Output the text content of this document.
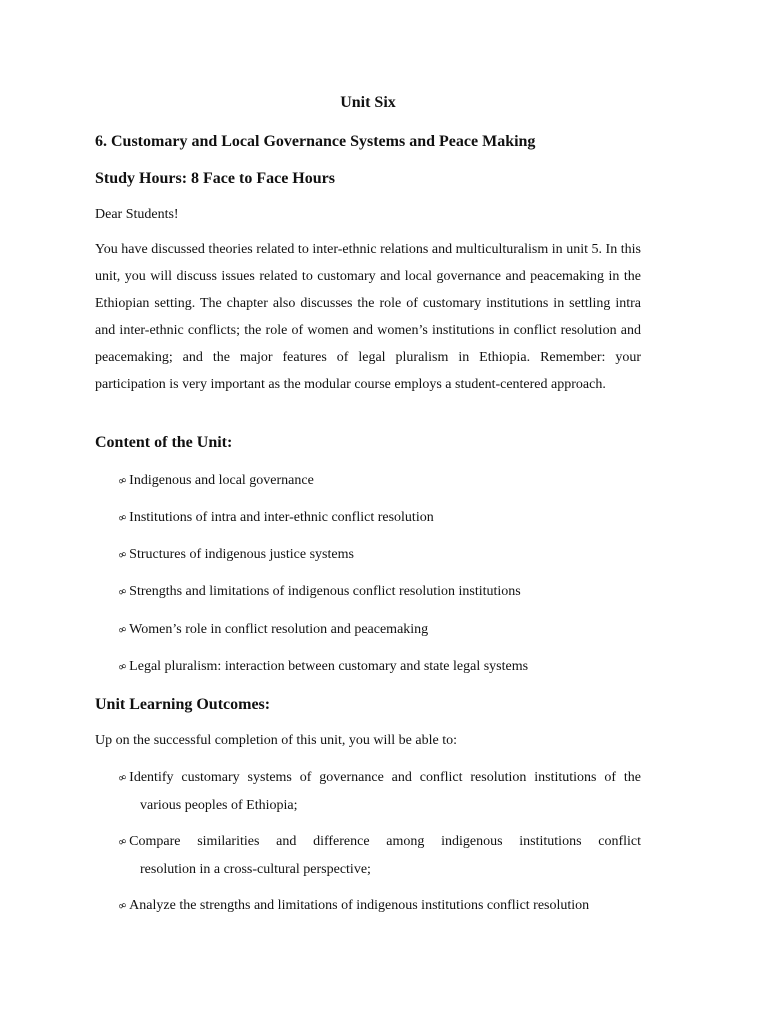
Unit Six
6. Customary and Local Governance Systems and Peace Making
Study Hours: 8 Face to Face Hours
Dear Students!
You have discussed theories related to inter-ethnic relations and multiculturalism in unit 5. In this unit, you will discuss issues related to customary and local governance and peacemaking in the Ethiopian setting. The chapter also discusses the role of customary institutions in settling intra and inter-ethnic conflicts; the role of women and women’s institutions in conflict resolution and peacemaking; and the major features of legal pluralism in Ethiopia. Remember: your participation is very important as the modular course employs a student-centered approach.
Content of the Unit:
∞Indigenous and local governance
∞Institutions of intra and inter-ethnic conflict resolution
∞Structures of indigenous justice systems
∞Strengths and limitations of indigenous conflict resolution institutions
∞Women’s role in conflict resolution and peacemaking
∞Legal pluralism: interaction between customary and state legal systems
Unit Learning Outcomes:
Up on the successful completion of this unit, you will be able to:
∞Identify customary systems of governance and conflict resolution institutions of the
various peoples of Ethiopia;
∞Compare similarities and difference among indigenous institutions conflict
resolution in a cross-cultural perspective;
∞Analyze the strengths and limitations of indigenous institutions conflict resolution
